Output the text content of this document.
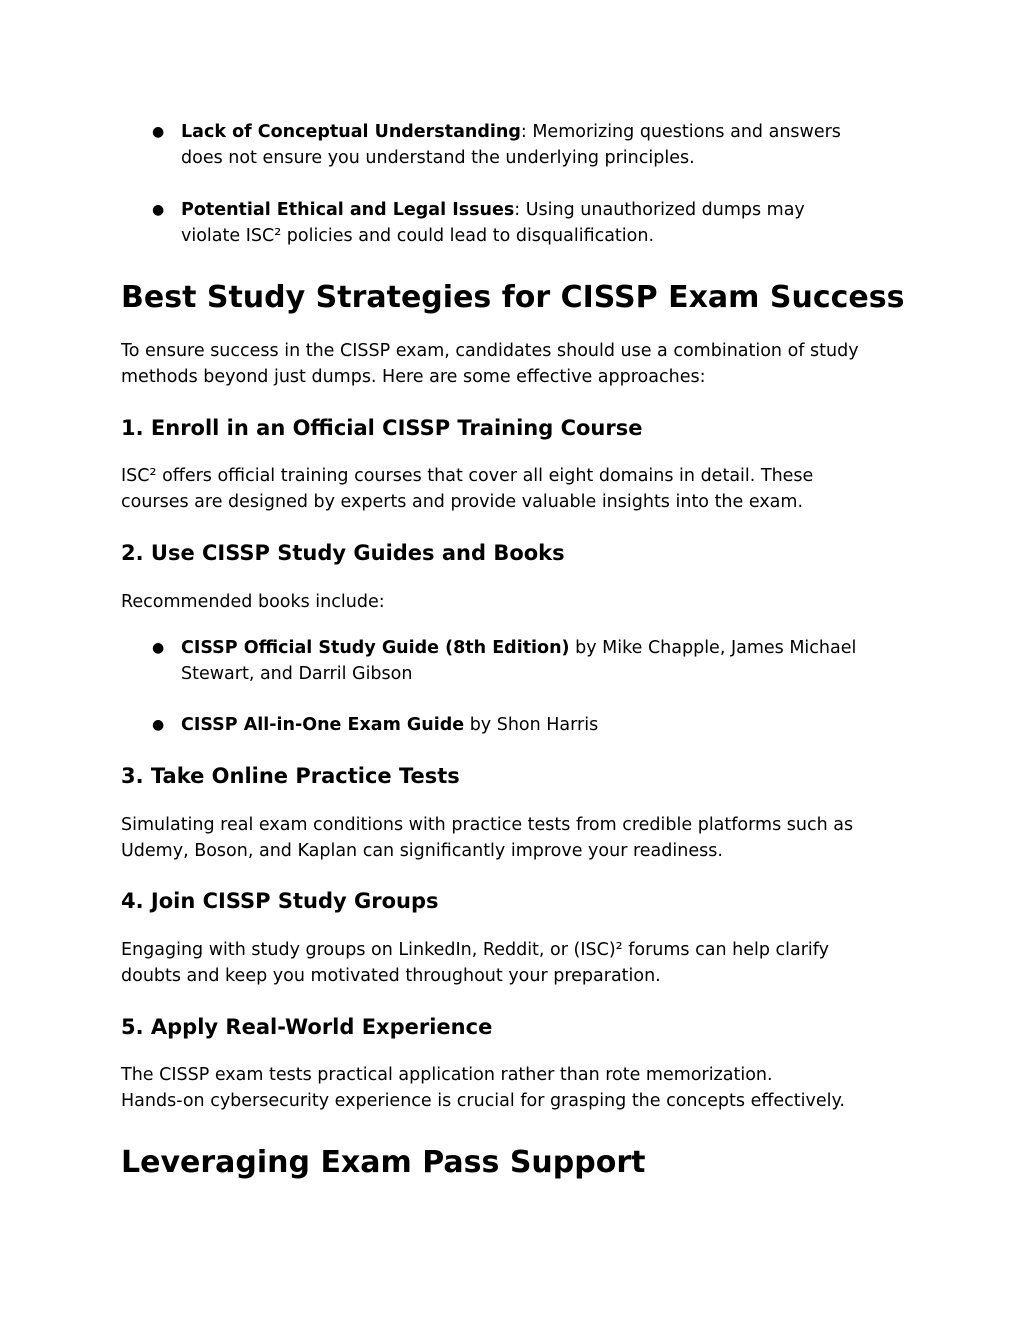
● Lack of Conceptual Understanding: Memorizing questions and answers
does not ensure you understand the underlying principles.
● Potential Ethical and Legal Issues: Using unauthorized dumps may
violate ISC² policies and could lead to disqualification.
Best Study Strategies for CISSP Exam Success

To ensure success in the CISSP exam, candidates should use a combination of study
methods beyond just dumps. Here are some effective approaches:

1. Enroll in an Official CISSP Training Course

ISC² offers official training courses that cover all eight domains in detail. These
courses are designed by experts and provide valuable insights into the exam.

2. Use CISSP Study Guides and Books

Recommended books include:

● CISSP Official Study Guide (8th Edition) by Mike Chapple, James Michael
Stewart, and Darril Gibson
● CISSP All-in-One Exam Guide by Shon Harris
3. Take Online Practice Tests

Simulating real exam conditions with practice tests from credible platforms such as
Udemy, Boson, and Kaplan can significantly improve your readiness.

4. Join CISSP Study Groups

Engaging with study groups on LinkedIn, Reddit, or (ISC)² forums can help clarify
doubts and keep you motivated throughout your preparation.

5. Apply Real-World Experience

The CISSP exam tests practical application rather than rote memorization.
Hands-on cybersecurity experience is crucial for grasping the concepts effectively.

Leveraging Exam Pass Support
